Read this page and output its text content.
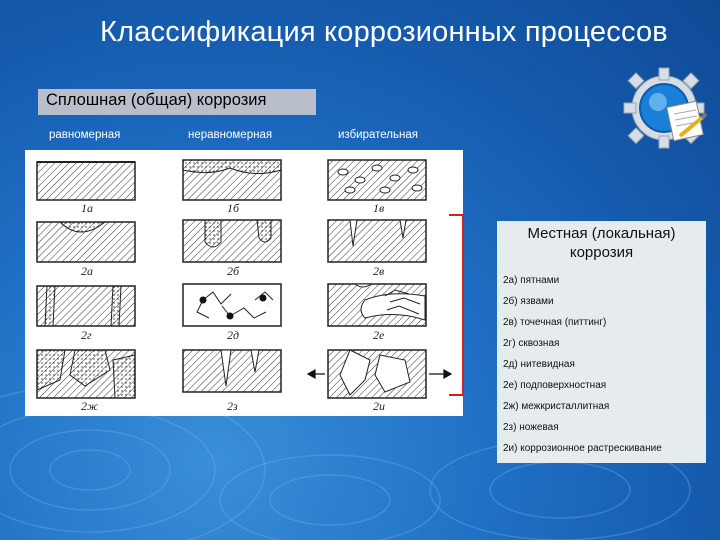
Классификация коррозионных процессов
Сплошная (общая) коррозия
равномерная	неравномерная	избирательная
1а	1б	1в
2а	2б	2в
2г	2д	2е
2ж	2з	2и
Местная (локальная) коррозия
2а) пятнами
2б) язвами
2в) точечная (питтинг)
2г) сквозная
2д) нитевидная
2е) подповерхностная
2ж) межкристаллитная
2з) ножевая
2и) коррозионное растрескивание
